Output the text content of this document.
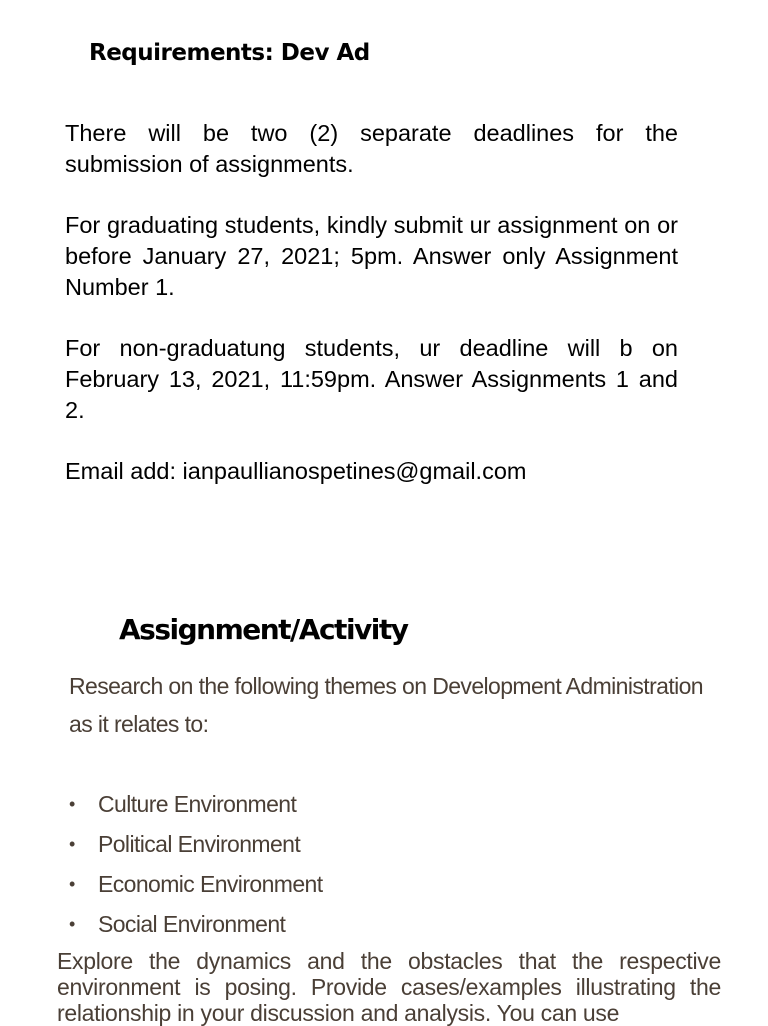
Requirements: Dev Ad

There will be two (2) separate deadlines for the submission of assignments.

For graduating students, kindly submit ur assignment on or before January 27, 2021; 5pm. Answer only Assignment Number 1.

For non-graduatung students, ur deadline will b on February 13, 2021, 11:59pm. Answer Assignments 1 and 2.

Email add: ianpaullianospetines@gmail.com

Assignment/Activity

Research on the following themes on Development Administration as it relates to:

•	Culture Environment
•	Political Environment
•	Economic Environment
•	Social Environment

Explore the dynamics and the obstacles that the respective environment is posing. Provide cases/examples illustrating the relationship in your discussion and analysis. You can use
